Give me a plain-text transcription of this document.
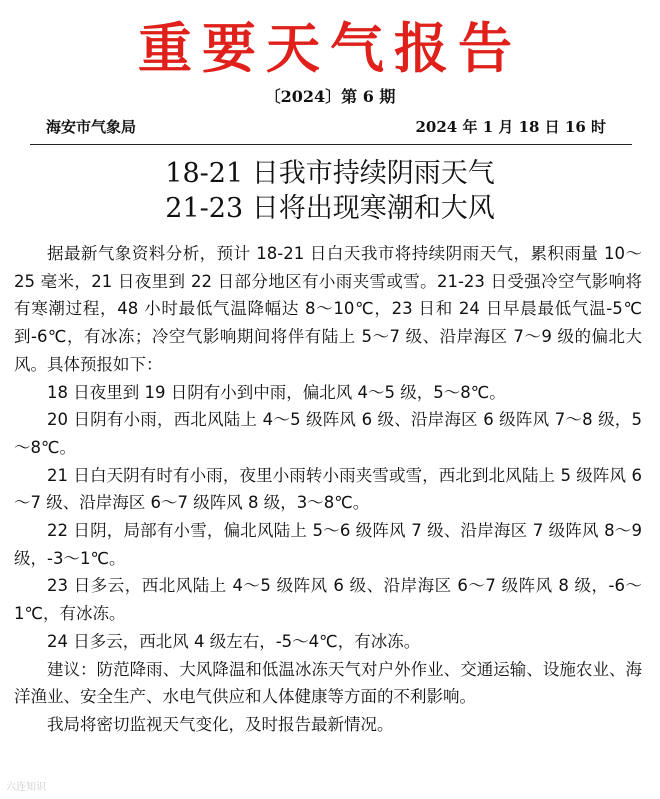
重要天气报告
〔2024〕第 6 期
海安市气象局	2024 年 1 月 18 日 16 时
18-21 日我市持续阴雨天气
21-23 日将出现寒潮和大风

据最新气象资料分析，预计 18-21 日白天我市将持续阴雨天气，累积雨量 10～25 毫米，21 日夜里到 22 日部分地区有小雨夹雪或雪。21-23 日受强冷空气影响将有寒潮过程，48 小时最低气温降幅达 8～10℃，23 日和 24 日早晨最低气温-5℃到-6℃，有冰冻；冷空气影响期间将伴有陆上 5～7 级、沿岸海区 7～9 级的偏北大风。具体预报如下：

18 日夜里到 19 日阴有小到中雨，偏北风 4～5 级，5～8℃。

20 日阴有小雨，西北风陆上 4～5 级阵风 6 级、沿岸海区 6 级阵风 7～8 级，5～8℃。

21 日白天阴有时有小雨，夜里小雨转小雨夹雪或雪，西北到北风陆上 5 级阵风 6～7 级、沿岸海区 6～7 级阵风 8 级，3～8℃。

22 日阴，局部有小雪，偏北风陆上 5～6 级阵风 7 级、沿岸海区 7 级阵风 8～9 级，-3～1℃。

23 日多云，西北风陆上 4～5 级阵风 6 级、沿岸海区 6～7 级阵风 8 级，-6～1℃，有冰冻。

24 日多云，西北风 4 级左右，-5～4℃，有冰冻。

建议：防范降雨、大风降温和低温冰冻天气对户外作业、交通运输、设施农业、海洋渔业、安全生产、水电气供应和人体健康等方面的不利影响。

我局将密切监视天气变化，及时报告最新情况。

六连知识
